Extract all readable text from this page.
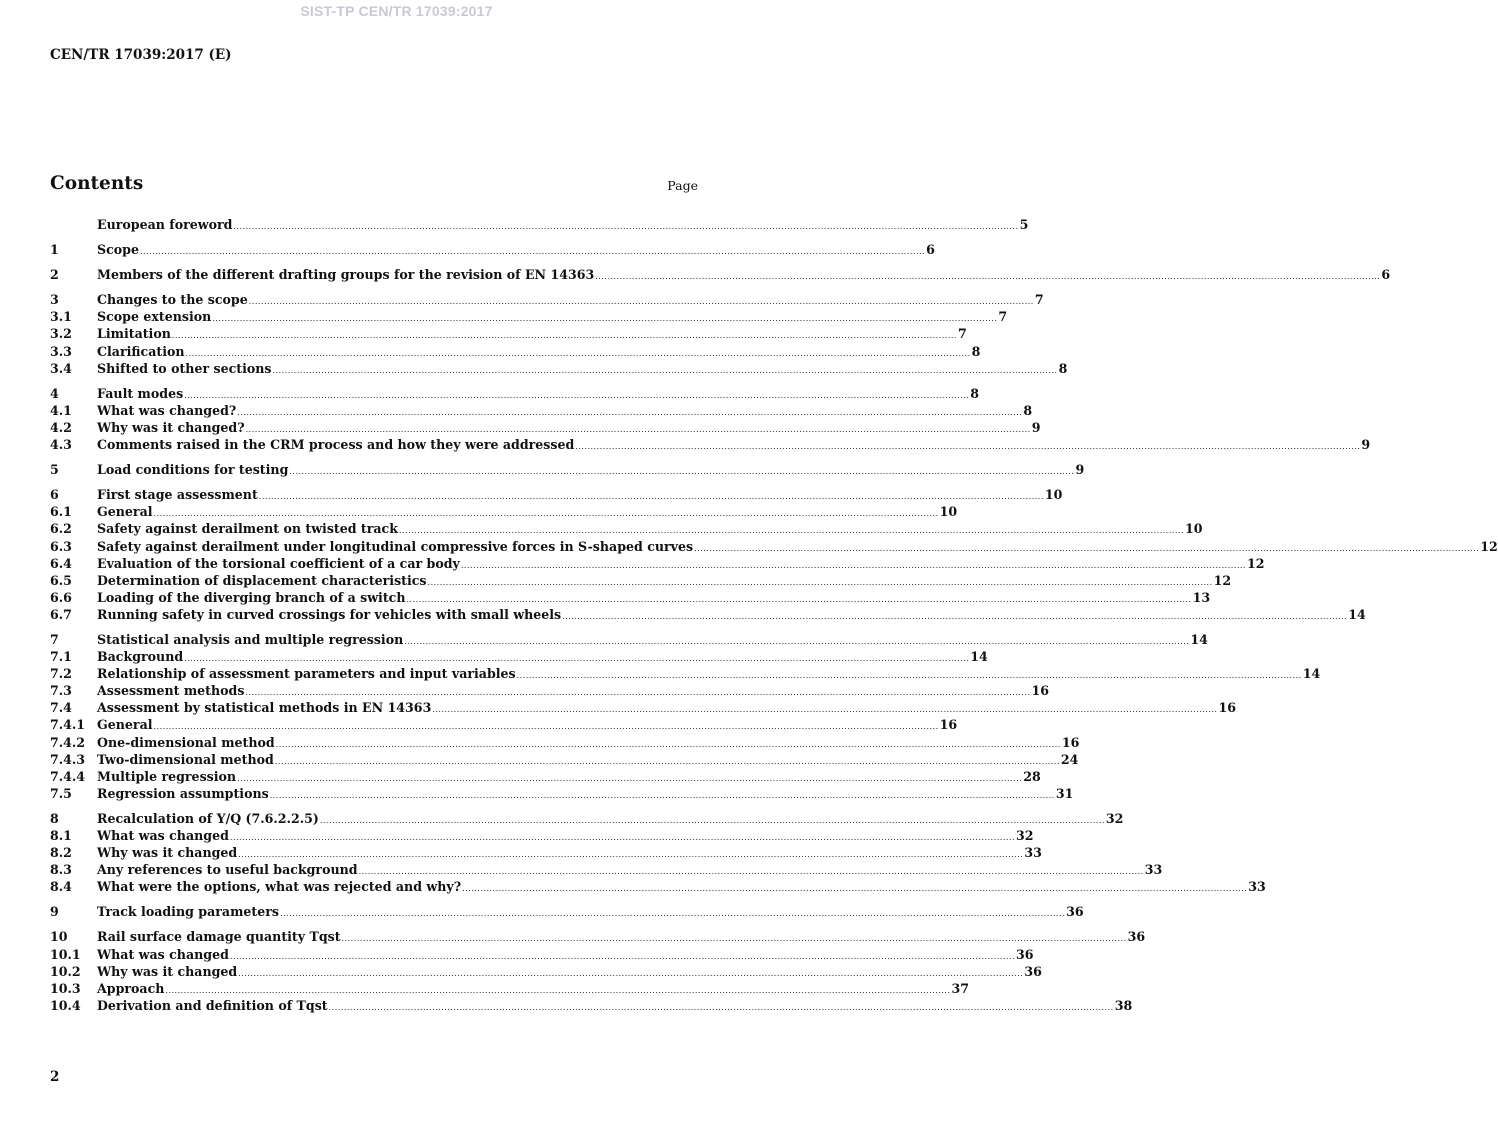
SIST-TP CEN/TR 17039:2017
CEN/TR 17039:2017 (E)
Contents	Page
European foreword .....	5
1	Scope .....	6
2	Members of the different drafting groups for the revision of EN 14363 .....	6
3	Changes to the scope .....	7
3.1	Scope extension .....	7
3.2	Limitation .....	7
3.3	Clarification .....	8
3.4	Shifted to other sections .....	8
4	Fault modes .....	8
4.1	What was changed? .....	8
4.2	Why was it changed? .....	9
4.3	Comments raised in the CRM process and how they were addressed .....	9
5	Load conditions for testing .....	9
6	First stage assessment .....	10
6.1	General .....	10
6.2	Safety against derailment on twisted track .....	10
6.3	Safety against derailment under longitudinal compressive forces in S-shaped curves .....	12
6.4	Evaluation of the torsional coefficient of a car body .....	12
6.5	Determination of displacement characteristics .....	12
6.6	Loading of the diverging branch of a switch .....	13
6.7	Running safety in curved crossings for vehicles with small wheels .....	14
7	Statistical analysis and multiple regression .....	14
7.1	Background .....	14
7.2	Relationship of assessment parameters and input variables .....	14
7.3	Assessment methods .....	16
7.4	Assessment by statistical methods in EN 14363 .....	16
7.4.1 General .....	16
7.4.2 One-dimensional method .....	16
7.4.3 Two-dimensional method .....	24
7.4.4 Multiple regression .....	28
7.5	Regression assumptions .....	31
8	Recalculation of Y/Q (7.6.2.2.5) .....	32
8.1	What was changed .....	32
8.2	Why was it changed .....	33
8.3	Any references to useful background .....	33
8.4	What were the options, what was rejected and why? .....	33
9	Track loading parameters .....	36
10	Rail surface damage quantity Tqst .....	36
10.1	What was changed .....	36
10.2	Why was it changed .....	36
10.3	Approach .....	37
10.4	Derivation and definition of Tqst .....	38
2
